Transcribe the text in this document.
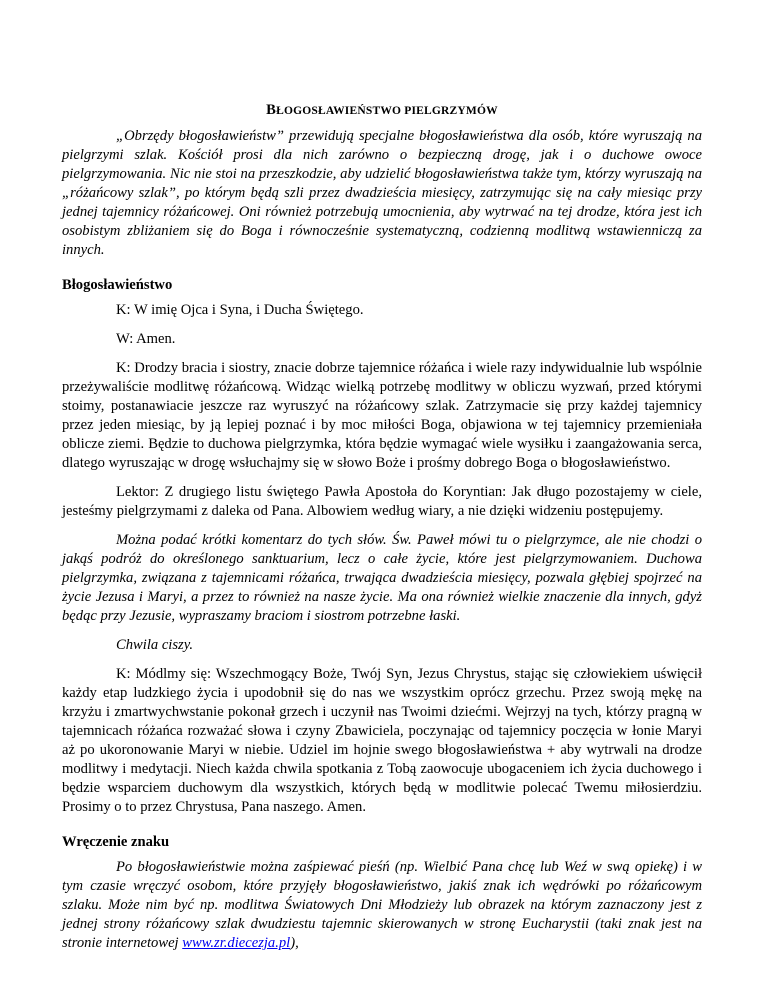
BŁOGOSŁAWIEŃSTWO PIELGRZYMÓW

„Obrzędy błogosławieństw” przewidują specjalne błogosławieństwa dla osób, które wyruszają na pielgrzymi szlak. Kościół prosi dla nich zarówno o bezpieczną drogę, jak i o duchowe owoce pielgrzymowania. Nic nie stoi na przeszkodzie, aby udzielić błogosławieństwa także tym, którzy wyruszają na „różańcowy szlak”, po którym będą szli przez dwadzieścia miesięcy, zatrzymując się na cały miesiąc przy jednej tajemnicy różańcowej. Oni również potrzebują umocnienia, aby wytrwać na tej drodze, która jest ich osobistym zbliżaniem się do Boga i równocześnie systematyczną, codzienną modlitwą wstawienniczą za innych.

Błogosławieństwo

K: W imię Ojca i Syna, i Ducha Świętego.

W: Amen.

K: Drodzy bracia i siostry, znacie dobrze tajemnice różańca i wiele razy indywidualnie lub wspólnie przeżywaliście modlitwę różańcową. Widząc wielką potrzebę modlitwy w obliczu wyzwań, przed którymi stoimy, postanawiacie jeszcze raz wyruszyć na różańcowy szlak. Zatrzymacie się przy każdej tajemnicy przez jeden miesiąc, by ją lepiej poznać i by moc miłości Boga, objawiona w tej tajemnicy przemieniała oblicze ziemi. Będzie to duchowa pielgrzymka, która będzie wymagać wiele wysiłku i zaangażowania serca, dlatego wyruszając w drogę wsłuchajmy się w słowo Boże i prośmy dobrego Boga o błogosławieństwo.

Lektor: Z drugiego listu świętego Pawła Apostoła do Koryntian: Jak długo pozostajemy w ciele, jesteśmy pielgrzymami z daleka od Pana. Albowiem według wiary, a nie dzięki widzeniu postępujemy.

Można podać krótki komentarz do tych słów. Św. Paweł mówi tu o pielgrzymce, ale nie chodzi o jakąś podróż do określonego sanktuarium, lecz o całe życie, które jest pielgrzymowaniem. Duchowa pielgrzymka, związana z tajemnicami różańca, trwająca dwadzieścia miesięcy, pozwala głębiej spojrzeć na życie Jezusa i Maryi, a przez to również na nasze życie. Ma ona również wielkie znaczenie dla innych, gdyż będąc przy Jezusie, wypraszamy braciom i siostrom potrzebne łaski.

Chwila ciszy.

K: Módlmy się: Wszechmogący Boże, Twój Syn, Jezus Chrystus, stając się człowiekiem uświęcił każdy etap ludzkiego życia i upodobnił się do nas we wszystkim oprócz grzechu. Przez swoją mękę na krzyżu i zmartwychwstanie pokonał grzech i uczynił nas Twoimi dziećmi. Wejrzyj na tych, którzy pragną w tajemnicach różańca rozważać słowa i czyny Zbawiciela, poczynając od tajemnicy poczęcia w łonie Maryi aż po ukoronowanie Maryi w niebie. Udziel im hojnie swego błogosławieństwa + aby wytrwali na drodze modlitwy i medytacji. Niech każda chwila spotkania z Tobą zaowocuje ubogaceniem ich życia duchowego i będzie wsparciem duchowym dla wszystkich, których będą w modlitwie polecać Twemu miłosierdziu. Prosimy o to przez Chrystusa, Pana naszego. Amen.

Wręczenie znaku

Po błogosławieństwie można zaśpiewać pieśń (np. Wielbić Pana chcę lub Weź w swą opiekę) i w tym czasie wręczyć osobom, które przyjęły błogosławieństwo, jakiś znak ich wędrówki po różańcowym szlaku. Może nim być np. modlitwa Światowych Dni Młodzieży lub obrazek na którym zaznaczony jest z jednej strony różańcowy szlak dwudziestu tajemnic skierowanych w stronę Eucharystii (taki znak jest na stronie internetowej www.zr.diecezja.pl),
